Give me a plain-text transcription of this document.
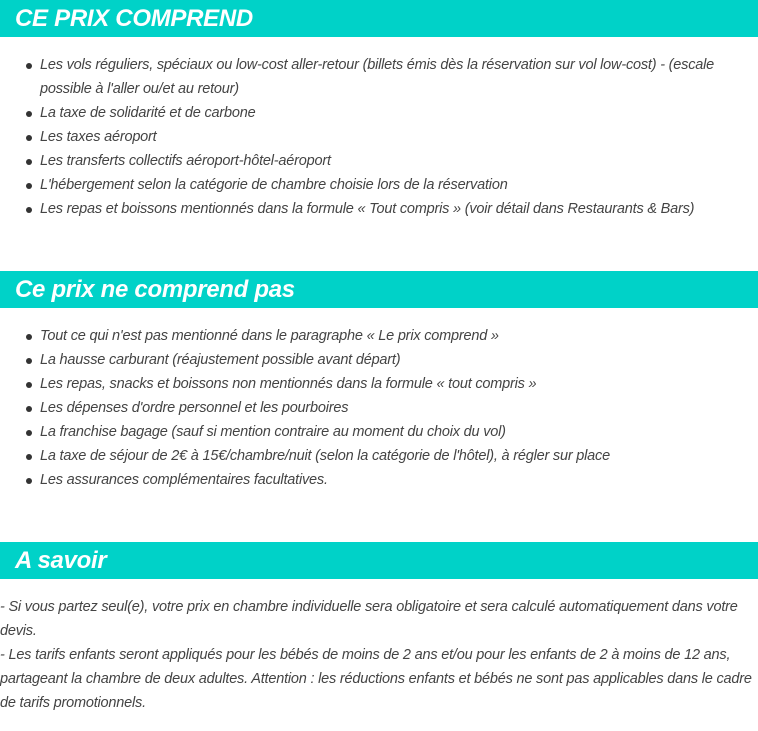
CE PRIX COMPREND
Les vols réguliers, spéciaux ou low-cost aller-retour (billets émis dès la réservation sur vol low-cost) - (escale possible à l'aller ou/et au retour)
La taxe de solidarité et de carbone
Les taxes aéroport
Les transferts collectifs aéroport-hôtel-aéroport
L'hébergement selon la catégorie de chambre choisie lors de la réservation
Les repas et boissons mentionnés dans la formule « Tout compris » (voir détail dans Restaurants & Bars)
Ce prix ne comprend pas
Tout ce qui n'est pas mentionné dans le paragraphe « Le prix comprend »
La hausse carburant (réajustement possible avant départ)
Les repas, snacks et boissons non mentionnés dans la formule « tout compris »
Les dépenses d'ordre personnel et les pourboires
La franchise bagage (sauf si mention contraire au moment du choix du vol)
La taxe de séjour de 2€ à 15€/chambre/nuit (selon la catégorie de l'hôtel), à régler sur place
Les assurances complémentaires facultatives.
A savoir

- Si vous partez seul(e), votre prix en chambre individuelle sera obligatoire et sera calculé automatiquement dans votre devis.

- Les tarifs enfants seront appliqués pour les bébés de moins de 2 ans et/ou pour les enfants de 2 à moins de 12 ans, partageant la chambre de deux adultes. Attention : les réductions enfants et bébés ne sont pas applicables dans le cadre de tarifs promotionnels.
